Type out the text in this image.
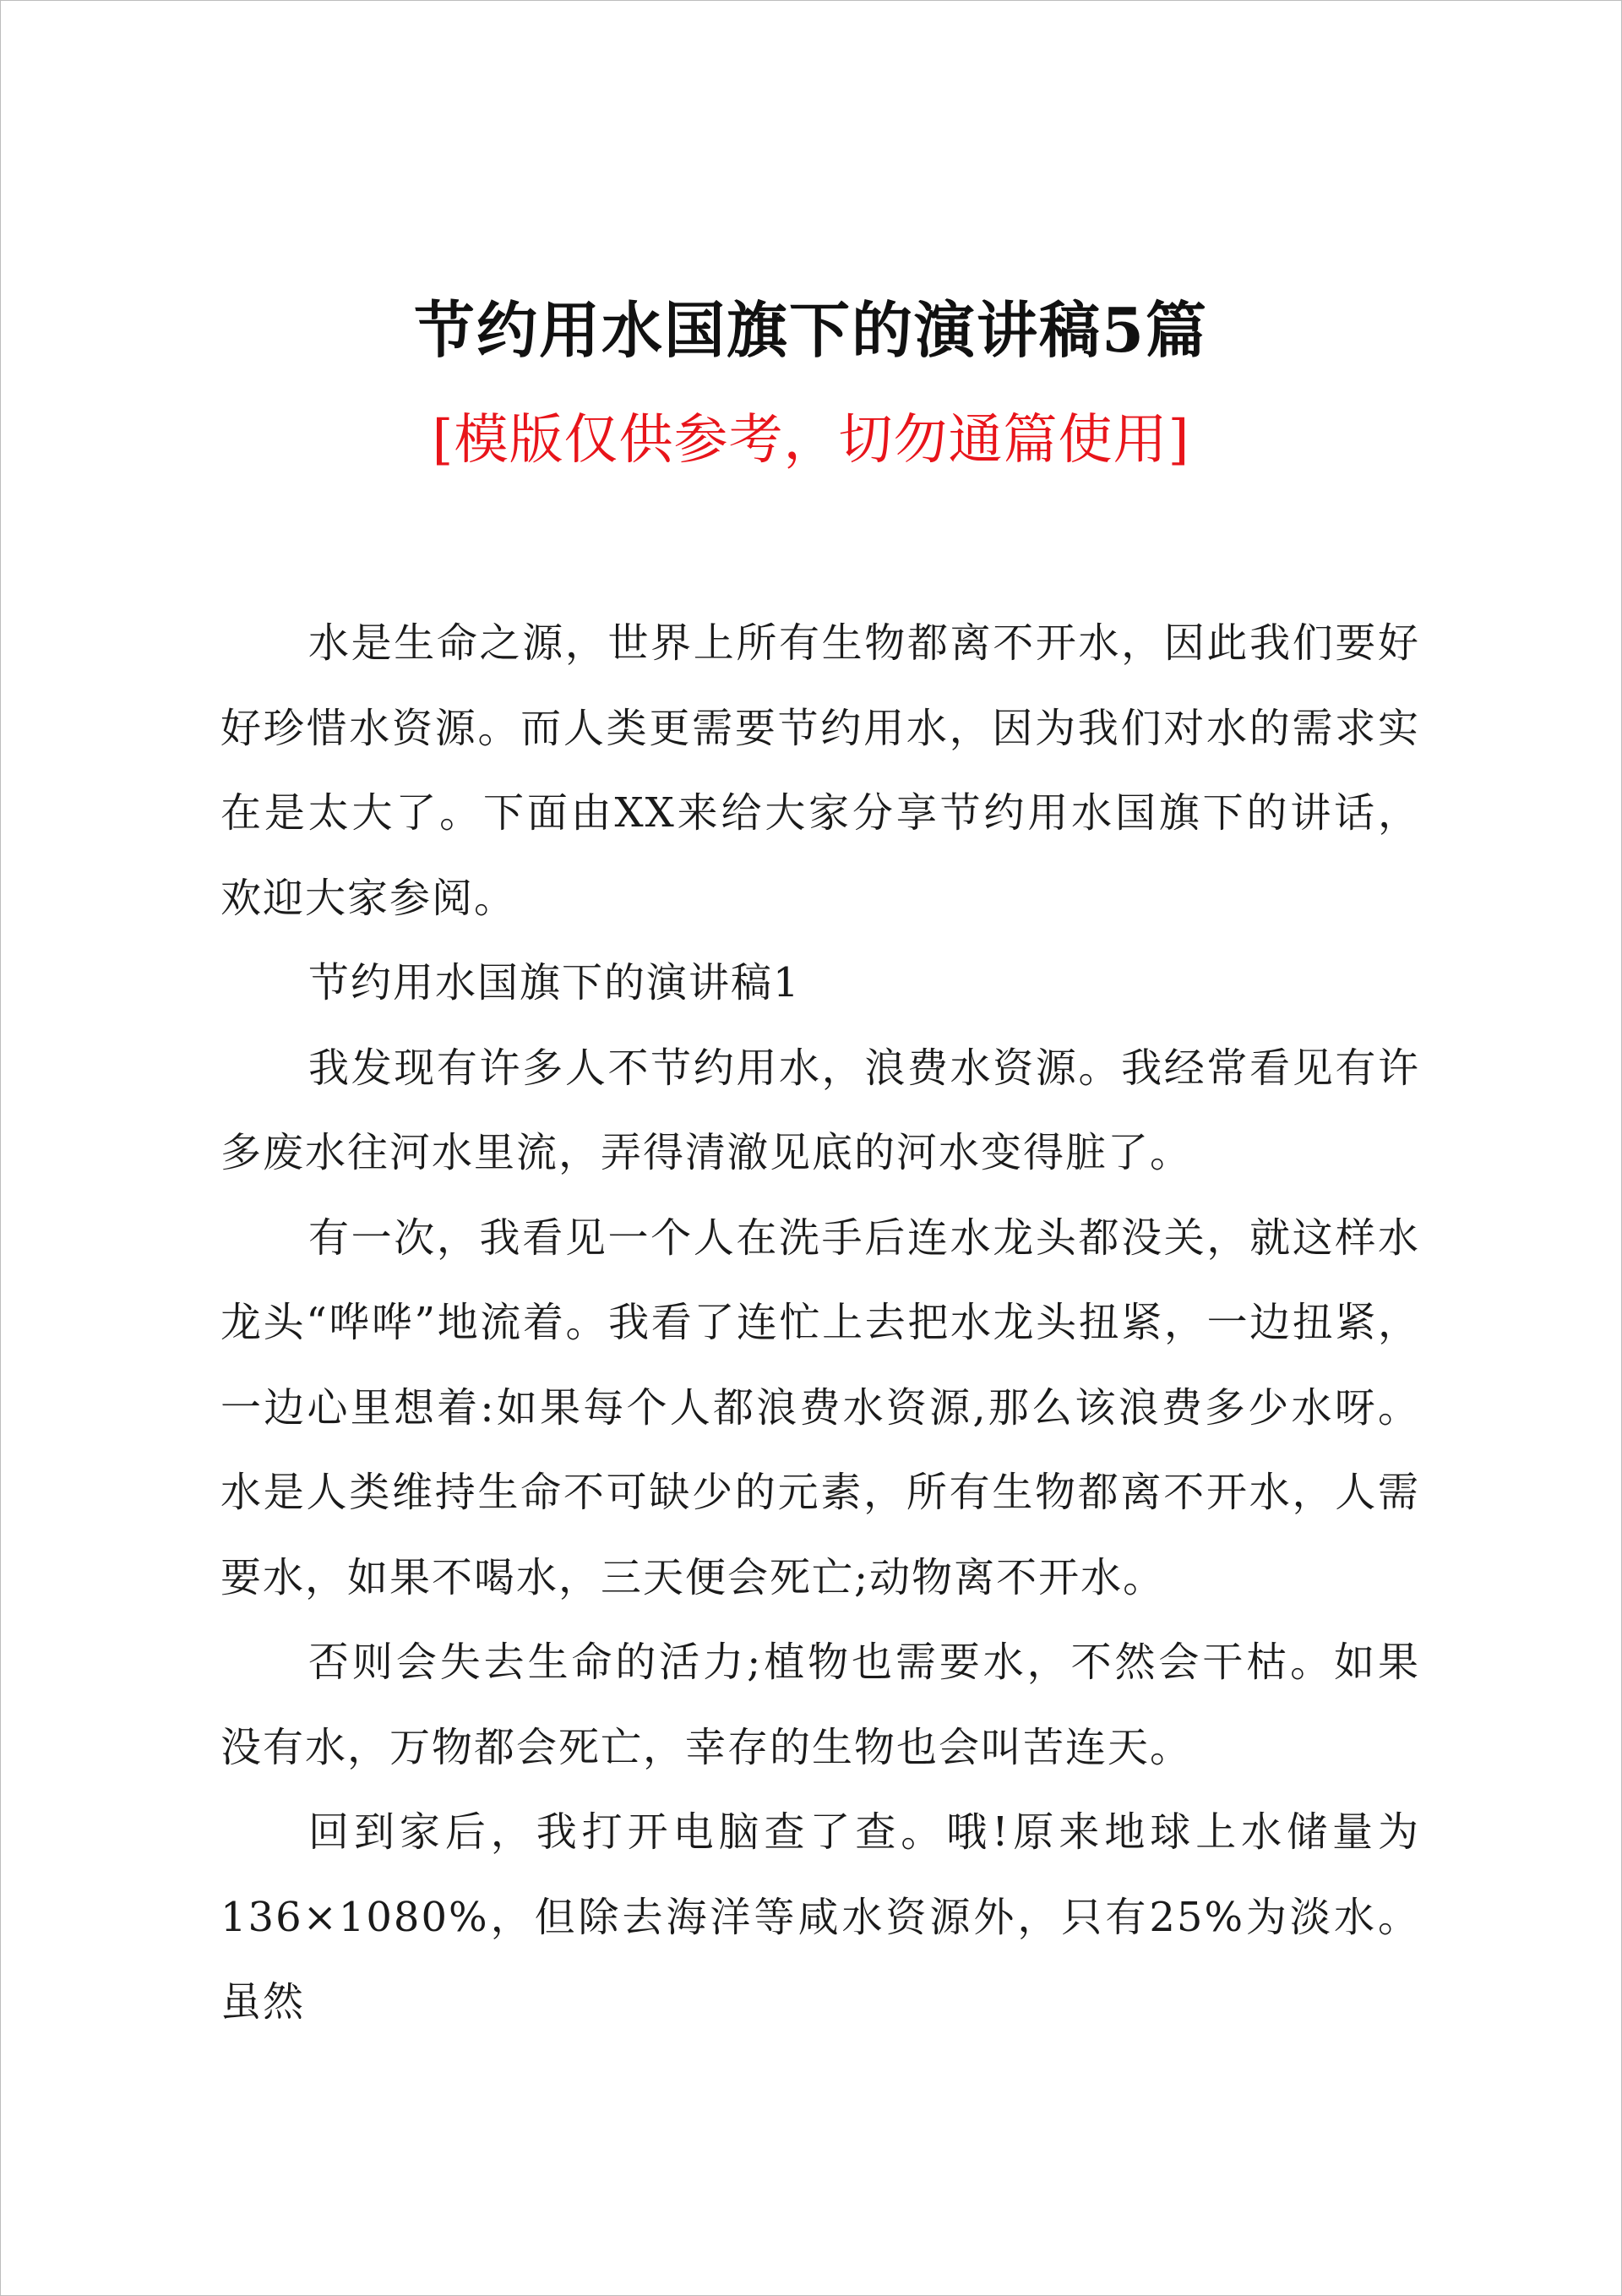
节约用水国旗下的演讲稿5篇
[模版仅供参考，切勿通篇使用]

水是生命之源，世界上所有生物都离不开水，因此我们要好好珍惜水资源。而人类更需要节约用水，因为我们对水的需求实在是太大了。下面由XX来给大家分享节约用水国旗下的讲话，欢迎大家参阅。

节约用水国旗下的演讲稿1

我发现有许多人不节约用水，浪费水资源。我经常看见有许多废水往河水里流，弄得清澈见底的河水变得脏了。

有一次，我看见一个人在洗手后连水龙头都没关，就这样水龙头“哗哗”地流着。我看了连忙上去把水龙头扭紧，一边扭紧，一边心里想着:如果每个人都浪费水资源,那么该浪费多少水呀。水是人类维持生命不可缺少的元素，所有生物都离不开水，人需要水，如果不喝水，三天便会死亡;动物离不开水。

否则会失去生命的活力;植物也需要水，不然会干枯。如果没有水，万物都会死亡，幸存的生物也会叫苦连天。

回到家后，我打开电脑查了查。哦!原来地球上水储量为136×1080%，但除去海洋等咸水资源外，只有25%为淡水。虽然
